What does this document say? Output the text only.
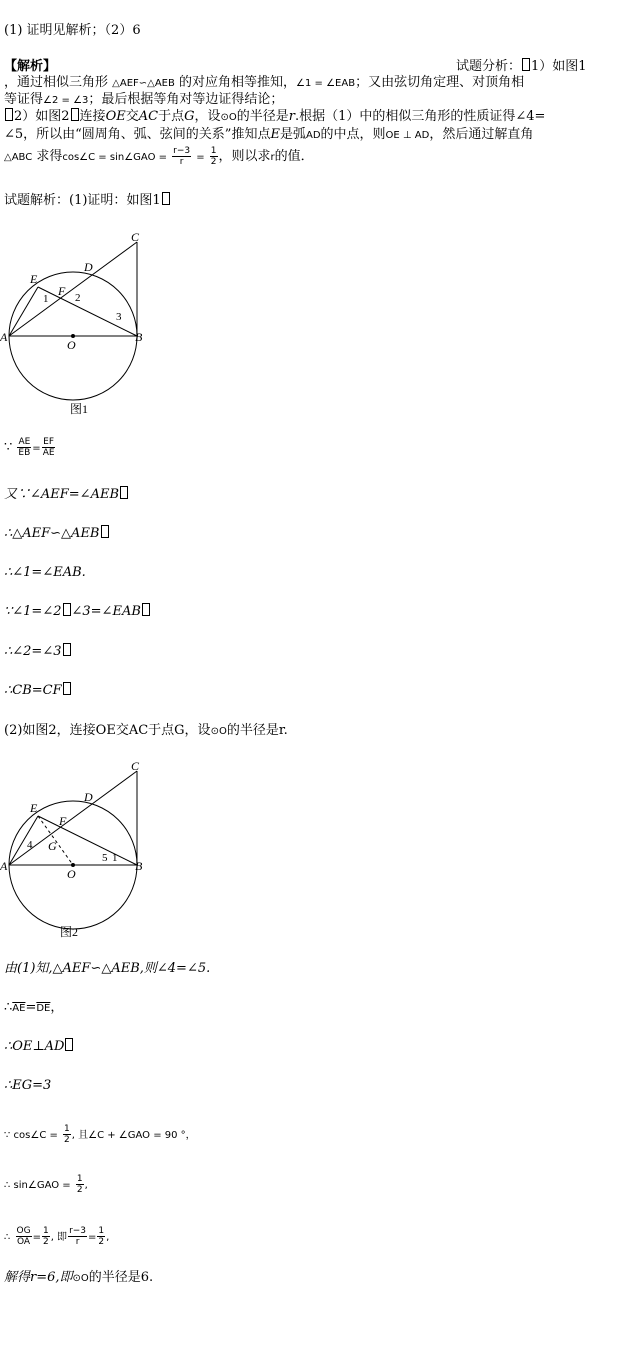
(1) 证明见解析；（2）6
【解析】	试题分析： 1）如图1
，通过相似三角形 △AEF∽△AEB 的对应角相等推知，∠1 = ∠EAB；又由弦切角定理、对顶角相
等证得∠2 = ∠3；最后根据等角对等边证得结论；
2）如图2 连接OE交AC于点G，设⊙O的半径是r.根据（1）中的相似三角形的性质证得∠4=
∠5，所以由“圆周角、弧、弦间的关系”推知点E是弧AD的中点，则OE ⊥ AD，然后通过解直角
△ABC 求得cos∠C = sin∠GAO = $\frac{r-3}{r} = \frac{1}{2}$ ，则以求r的值．
试题解析：(1)证明：如图1
C
E
D
F
1 2
3
A
O
B
图1
∵ $\frac{AE}{EB} = \frac{EF}{AE}$
又∵∠AEF=∠AEB
∴△AEF∽△AEB
∴∠1=∠EAB.
∵∠1=∠2 ∠3=∠EAB
∴∠2=∠3
∴CB=CF
(2)如图2，连接OE交AC于点G，设⊙O的半径是r.
C
E
D
F
4 G
5 1
A
O
B
图2
由(1)知,△AEF∽△AEB,则∠4=∠5.
$\therefore\overline{AE}=\overline{DE}$，
∴OE⊥AD
∴EG=3
∵ cos∠C = $\frac{1}{2}$ , 且∠C + ∠GAO = 90 °，
∴ sin∠GAO = $\frac{1}{2}$ ,
∴ $\frac{OG}{OA} = \frac{1}{2}$ , 即 $\frac{r-3}{r} = \frac{1}{2}$ ,
解得r=6,即⊙O的半径是6.
